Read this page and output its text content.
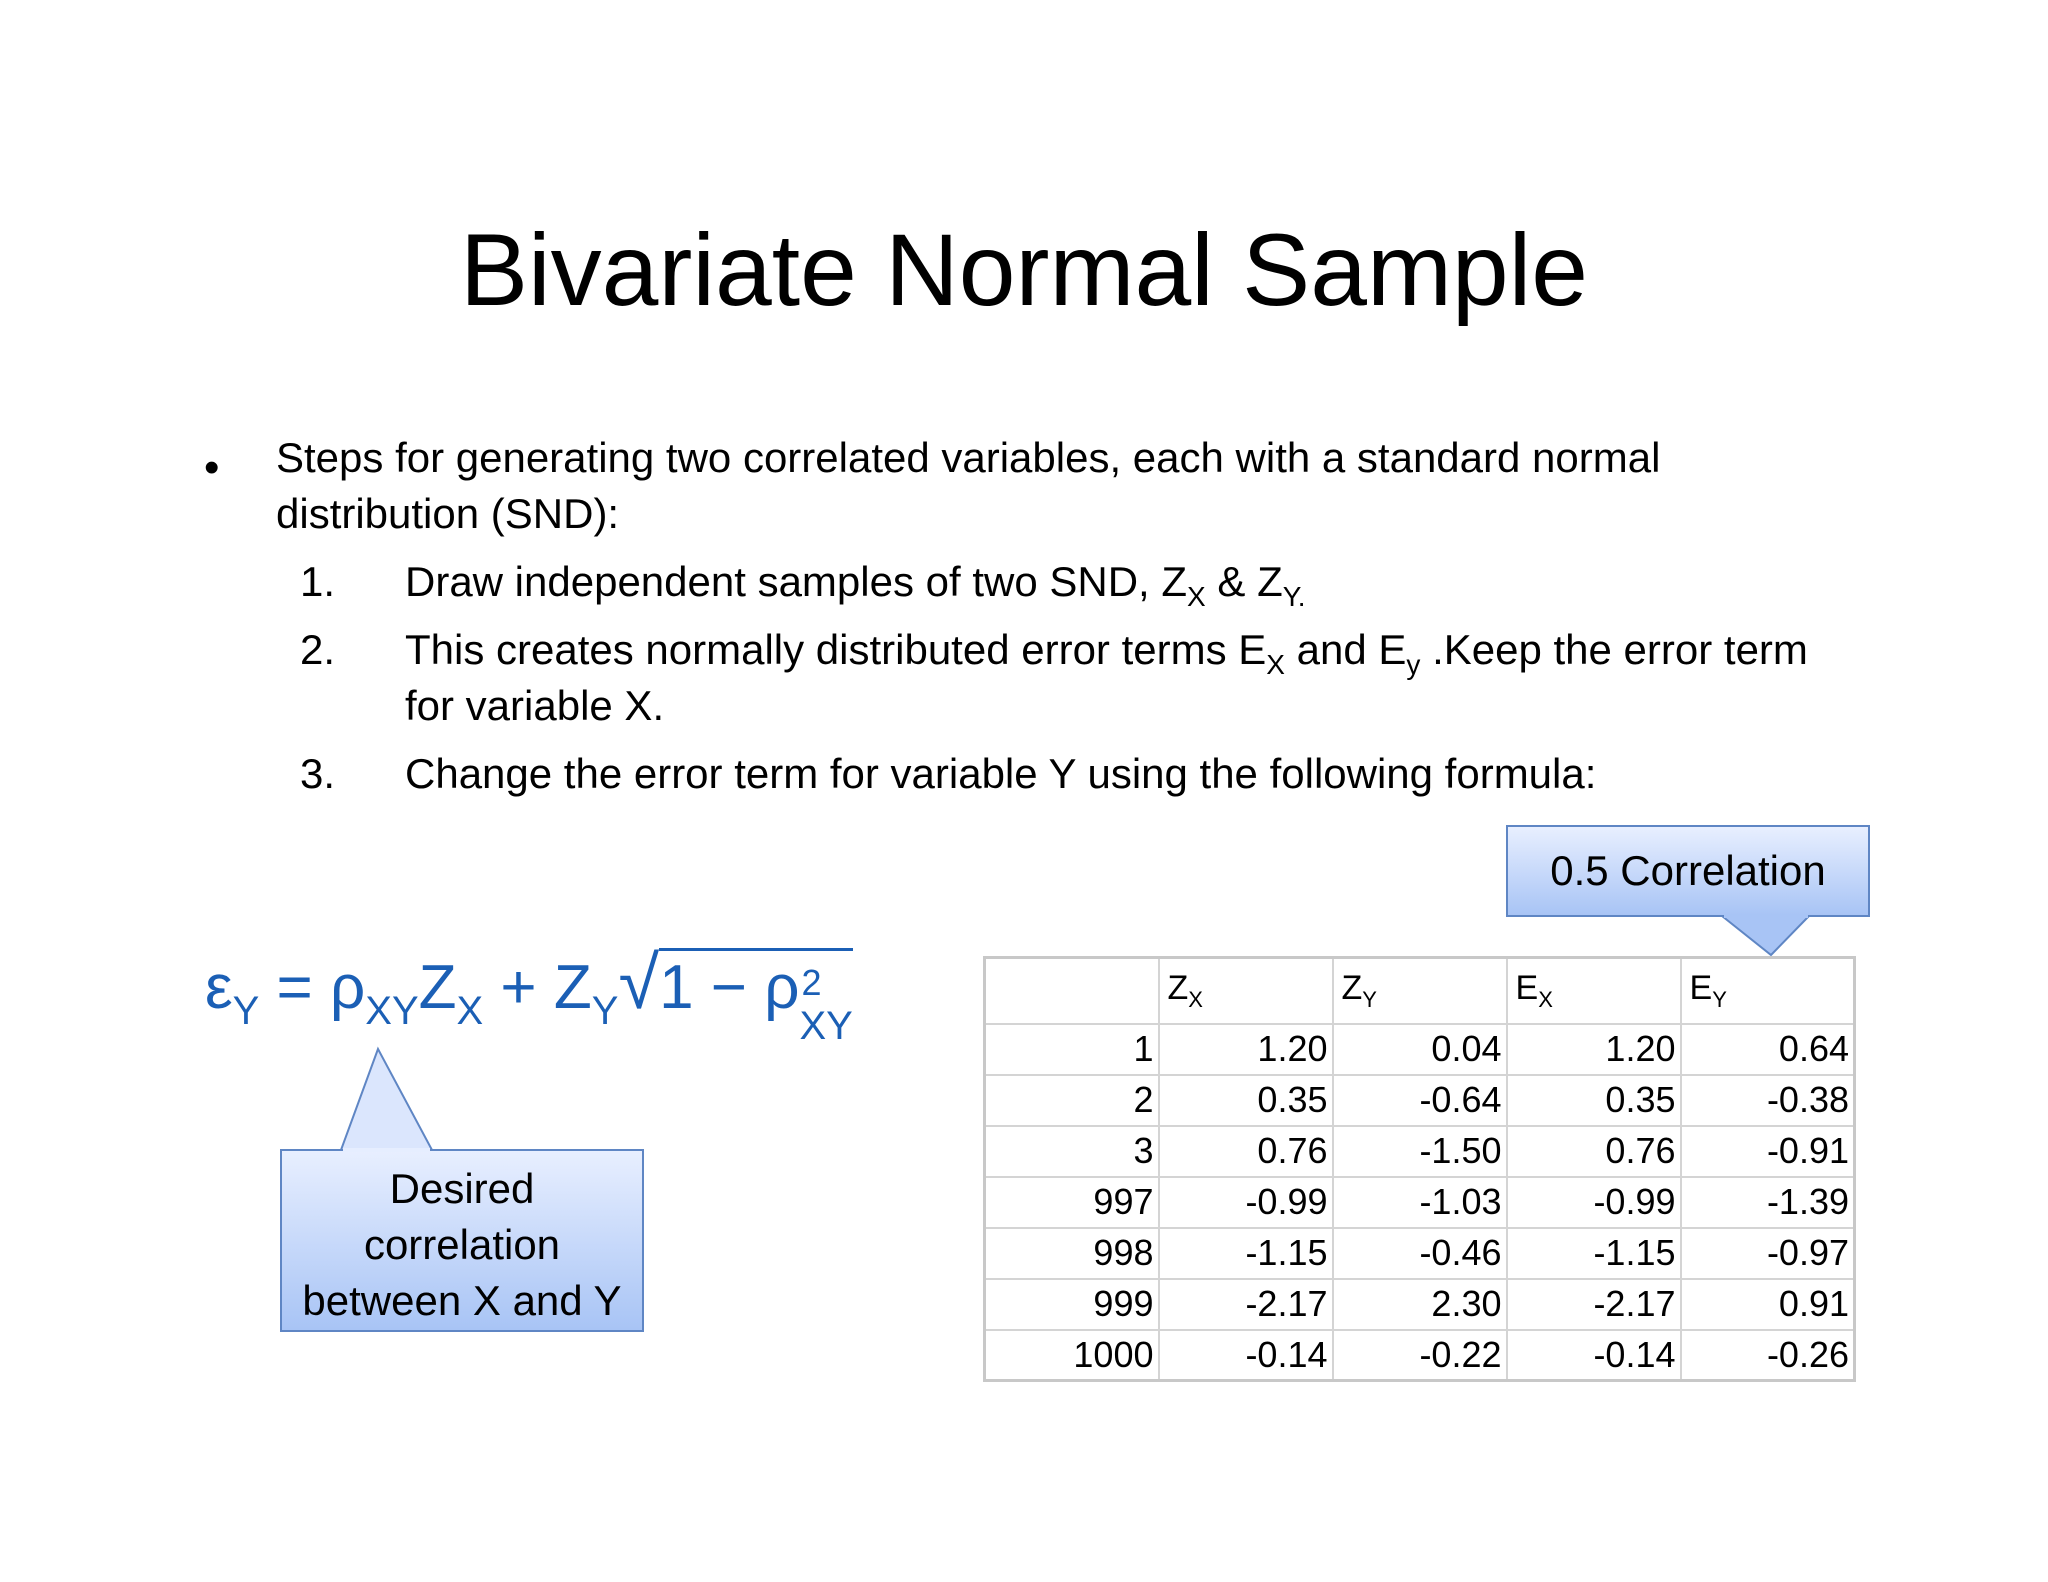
Bivariate Normal Sample
• Steps for generating two correlated variables, each with a standard normal
distribution (SND):
1. Draw independent samples of two SND, $Z_X$ & $Z_{Y.}$
2. This creates normally distributed error terms $E_X$ and $E_y$ .Keep the error term
for variable X.
3. Change the error term for variable Y using the following formula:
$\varepsilon_Y = \rho_{XY}Z_X + Z_Y√1 - \rho$ 2
XY
Desired
correlation
between X and Y
0.5 Correlation
	$Z_X$	$Z_Y$	$E_X$	$E_Y$
1	1.20	0.04	1.20	0.64
2	0.35	-0.64	0.35	-0.38
3	0.76	-1.50	0.76	-0.91
997	-0.99	-1.03	-0.99	-1.39
998	-1.15	-0.46	-1.15	-0.97
999	-2.17	2.30	-2.17	0.91
1000	-0.14	-0.22	-0.14	-0.26
